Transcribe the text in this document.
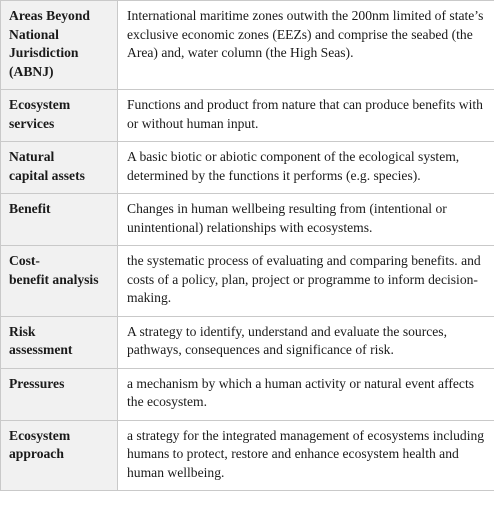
Areas Beyond
National
Jurisdiction
(ABNJ)	International maritime zones outwith the 200nm limited of state’s exclusive economic zones (EEZs) and comprise the seabed (the Area) and, water column (the High Seas).

Ecosystem
services	Functions and product from nature that can produce benefits with or without human input.

Natural
capital assets	A basic biotic or abiotic component of the ecological system, determined by the functions it performs (e.g. species).

Benefit	Changes in human wellbeing resulting from (intentional or unintentional) relationships with ecosystems.

Cost-
benefit analysis	the systematic process of evaluating and comparing benefits. and costs of a policy, plan, project or programme to inform decision-making.

Risk
assessment	A strategy to identify, understand and evaluate the sources, pathways, consequences and significance of risk.

Pressures	a mechanism by which a human activity or natural event affects the ecosystem.

Ecosystem
approach	a strategy for the integrated management of ecosystems including humans to protect, restore and enhance ecosystem health and human wellbeing.
